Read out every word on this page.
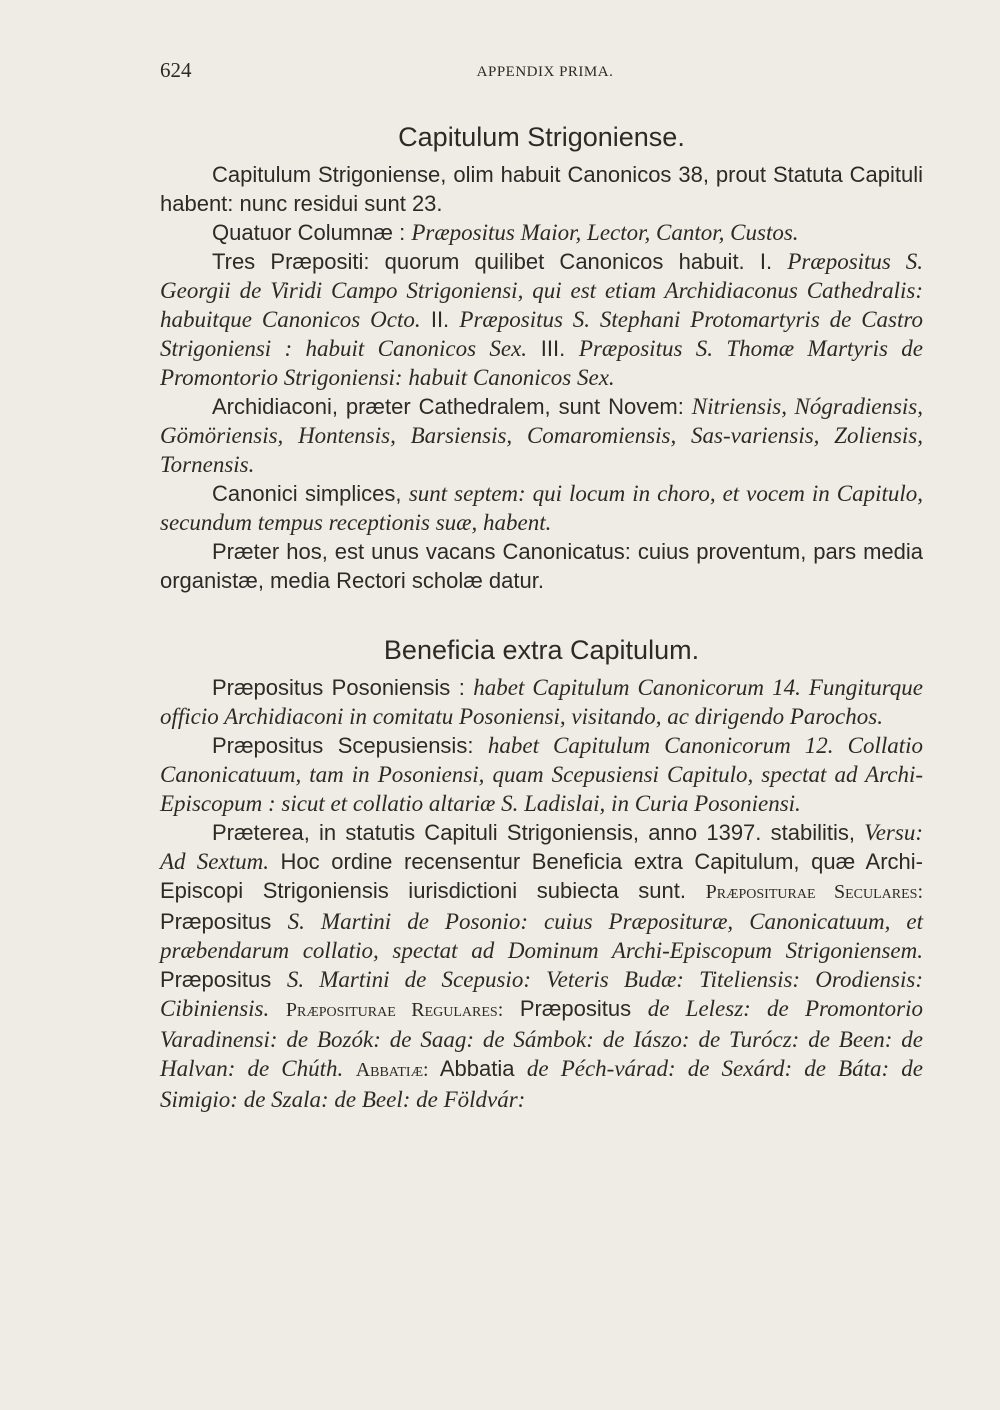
624	APPENDIX PRIMA.
Capitulum Strigoniense.

Capitulum Strigoniense, olim habuit Canonicos 38, prout Statuta Capituli habent: nunc residui sunt 23.

Quatuor Columnæ : Præpositus Maior, Lector, Cantor, Custos.

Tres Præpositi: quorum quilibet Canonicos habuit. I. Præpositus S. Georgii de Viridi Campo Strigoniensi, qui est etiam Archidiaconus Cathedralis: habuitque Canonicos Octo. II. Præpositus S. Stephani Protomartyris de Castro Strigoniensi : habuit Canonicos Sex. III. Præpositus S. Thomæ Martyris de Promontorio Strigoniensi: habuit Canonicos Sex.

Archidiaconi, præter Cathedralem, sunt Novem: Nitriensis, Nógradiensis, Gömöriensis, Hontensis, Barsiensis, Comaromiensis, Sas-variensis, Zoliensis, Tornensis.

Canonici simplices, sunt septem: qui locum in choro, et vocem in Capitulo, secundum tempus receptionis suæ, habent.

Præter hos, est unus vacans Canonicatus: cuius proventum, pars media organistæ, media Rectori scholæ datur.

Beneficia extra Capitulum.

Præpositus Posoniensis : habet Capitulum Canonicorum 14. Fungiturque officio Archidiaconi in comitatu Posoniensi, visitando, ac dirigendo Parochos.

Præpositus Scepusiensis: habet Capitulum Canonicorum 12. Collatio Canonicatuum, tam in Posoniensi, quam Scepusiensi Capitulo, spectat ad Archi-Episcopum : sicut et collatio altariæ S. Ladislai, in Curia Posoniensi.

Præterea, in statutis Capituli Strigoniensis, anno 1397. stabilitis, Versu: Ad Sextum. Hoc ordine recensentur Beneficia extra Capitulum, quæ Archi-Episcopi Strigoniensis iurisdictioni subiecta sunt. Præpositurae Seculares: Præpositus S. Martini de Posonio: cuius Præposituræ, Canonicatuum, et præbendarum collatio, spectat ad Dominum Archi-Episcopum Strigoniensem. Præpositus S. Martini de Scepusio: Veteris Budæ: Titeliensis: Orodiensis: Cibiniensis. Præpositurae Regulares: Præpositus de Lelesz: de Promontorio Varadinensi: de Bozók: de Saag: de Sámbok: de Iászo: de Turócz: de Been: de Halvan: de Chúth. Abbatiæ: Abbatia de Péch-várad: de Sexárd: de Báta: de Simigio: de Szala: de Beel: de Földvár:
